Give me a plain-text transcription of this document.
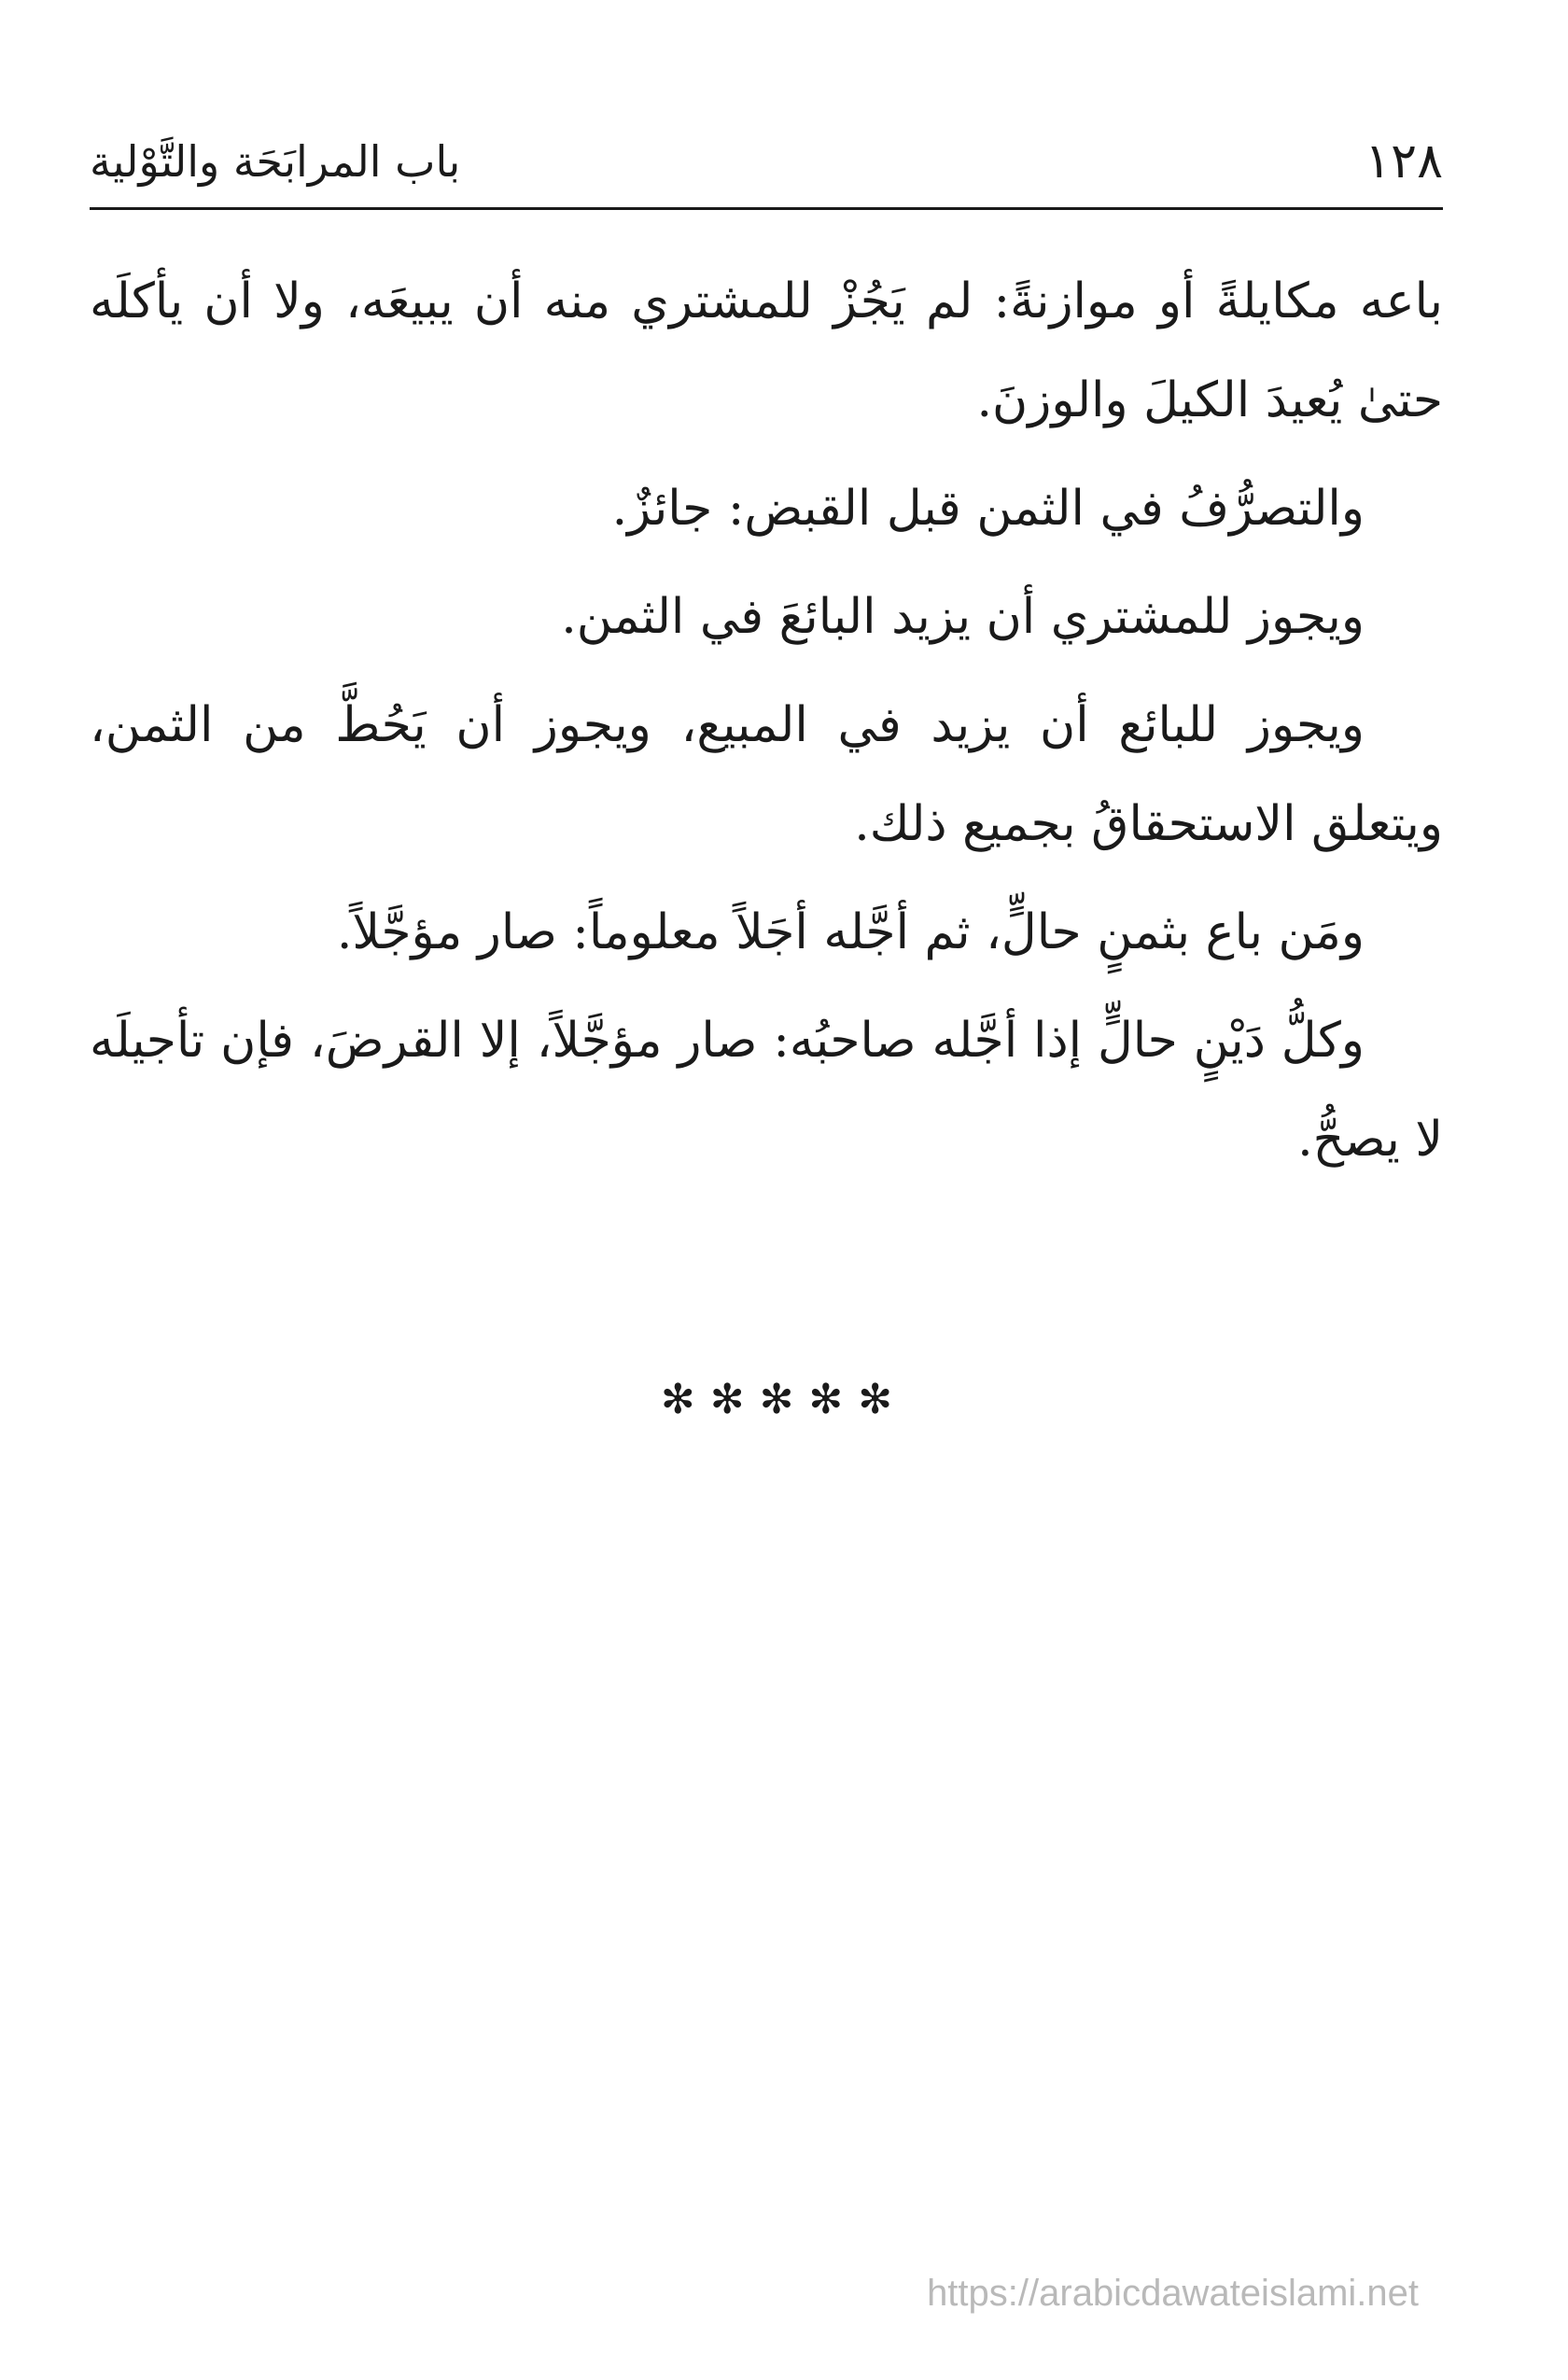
١٢٨
باب المرابَحَة والتَّوْلية

باعه مكايلةً أو موازنةً: لم يَجُزْ للمشتري منه أن يبيعَه، ولا أن يأكلَه حتىٰ يُعيدَ الكيلَ والوزنَ.

والتصرُّفُ في الثمن قبل القبض: جائزٌ.

ويجوز للمشتري أن يزيد البائعَ في الثمن.

ويجوز للبائع أن يزيد في المبيع، ويجوز أن يَحُطَّ من الثمن، ويتعلق الاستحقاقُ بجميع ذلك.

ومَن باع بثمنٍ حالٍّ، ثم أجَّله أجَلاً معلوماً: صار مؤجَّلاً.

وكلُّ دَيْنٍ حالٍّ إذا أجَّله صاحبُه: صار مؤجَّلاً، إلا القرضَ، فإن تأجيلَه لا يصحُّ.

✻✻✻✻✻
https://arabicdawateislami.net
